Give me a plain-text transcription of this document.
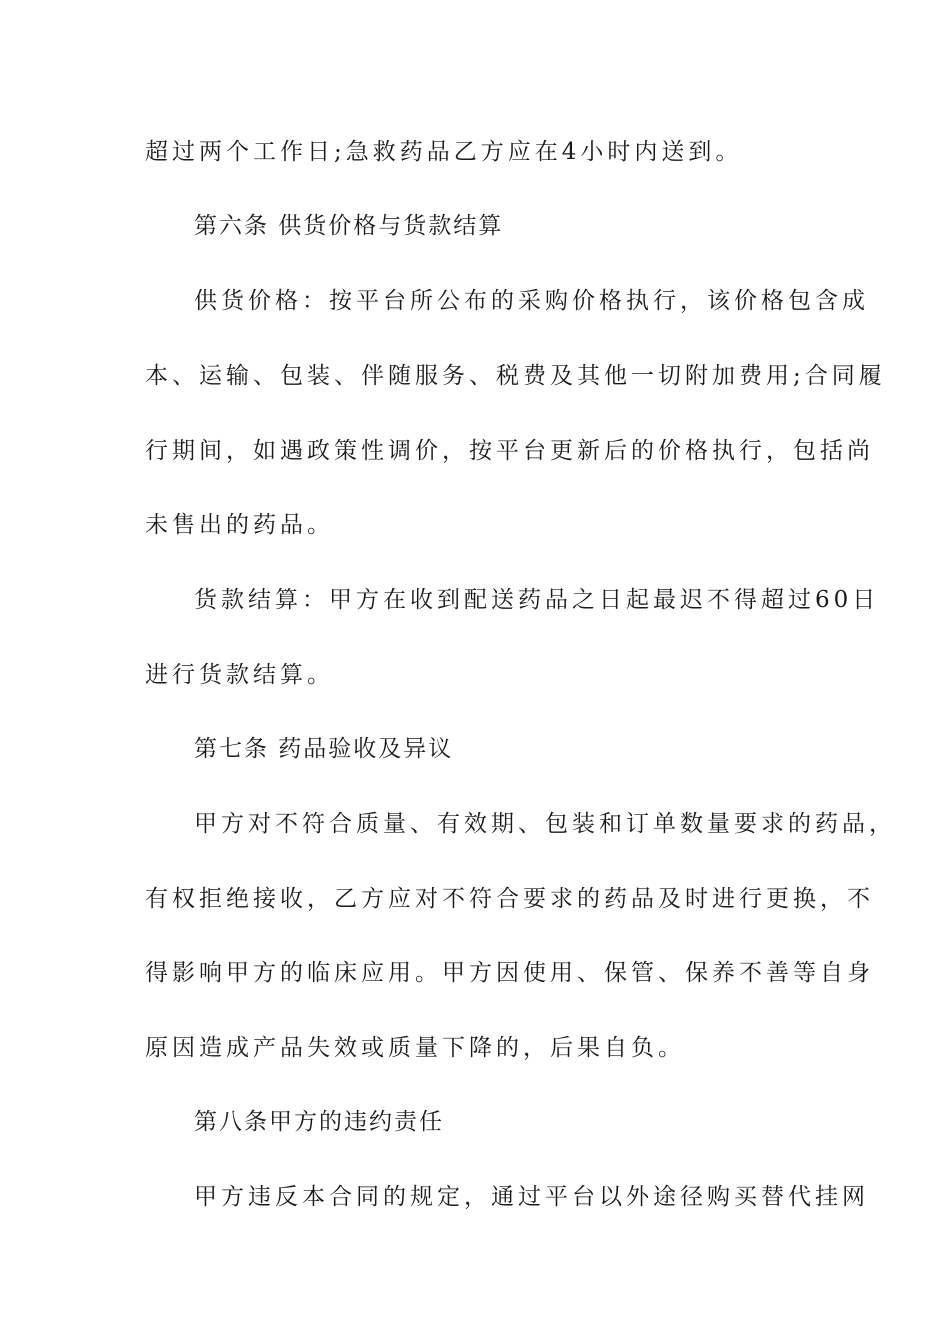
超过两个工作日;急救药品乙方应在4小时内送到。
第六条 供货价格与货款结算
供货价格：按平台所公布的采购价格执行，该价格包含成
本、运输、包装、伴随服务、税费及其他一切附加费用;合同履
行期间，如遇政策性调价，按平台更新后的价格执行，包括尚
未售出的药品。
货款结算：甲方在收到配送药品之日起最迟不得超过60日
进行货款结算。
第七条 药品验收及异议
甲方对不符合质量、有效期、包装和订单数量要求的药品，
有权拒绝接收，乙方应对不符合要求的药品及时进行更换，不
得影响甲方的临床应用。甲方因使用、保管、保养不善等自身
原因造成产品失效或质量下降的，后果自负。
第八条甲方的违约责任
甲方违反本合同的规定，通过平台以外途径购买替代挂网
